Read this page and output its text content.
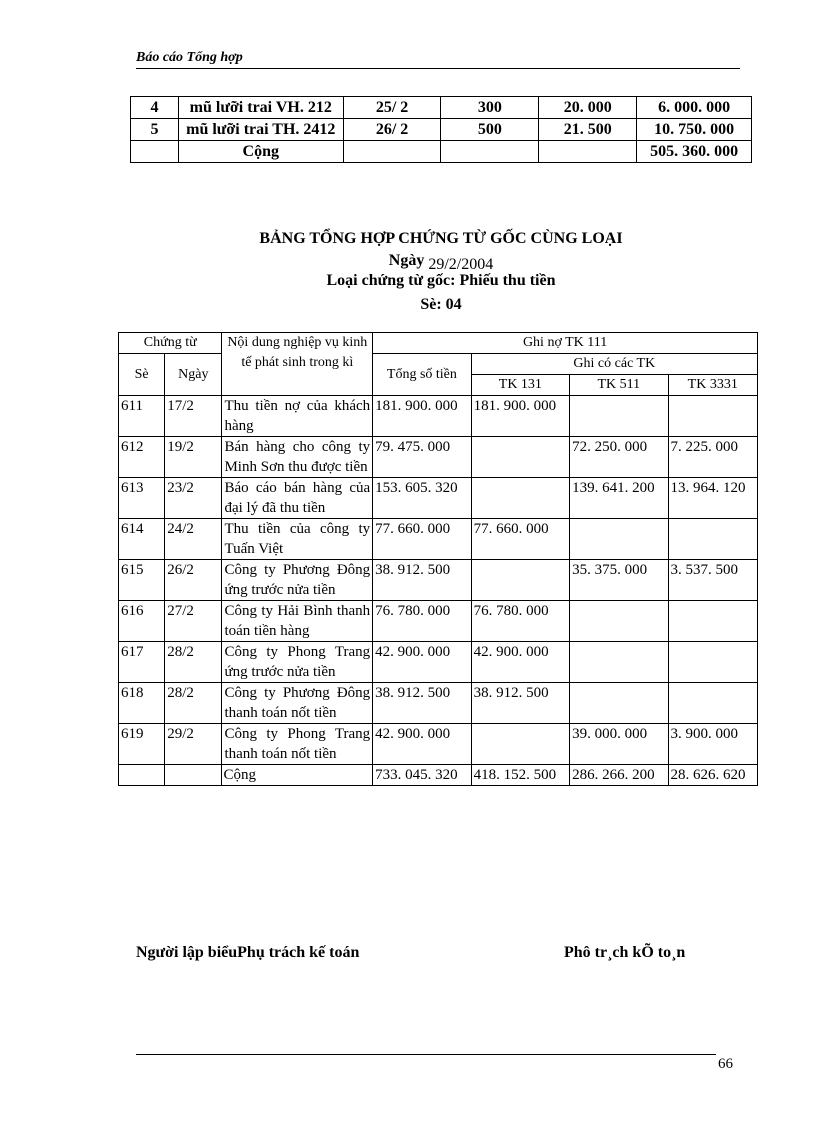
Báo cáo Tổng hợp
4	mũ lưỡi trai VH. 212	25/ 2	300	20. 000	6. 000. 000
5	mũ lưỡi trai TH. 2412	26/ 2	500	21. 500	10. 750. 000
	Cộng				505. 360. 000
BẢNG TỔNG HỢP CHỨNG TỪ GỐC CÙNG LOẠI
Ngày 29/2/2004
Loại chứng từ gốc: Phiếu thu tiền
Sè: 04
Chứng từ		Nội dung nghiệp vụ kinh tế phát sinh trong kì	Ghi nợ TK 111			
Sè	Ngày		Tổng số tiền	Ghi có các TK		
				TK 131	TK 511	TK 3331
611	17/2	Thu tiền nợ của khách hàng	181. 900. 000	181. 900. 000		
612	19/2	Bán hàng cho công ty Minh Sơn thu được tiền	79. 475. 000		72. 250. 000	7. 225. 000
613	23/2	Báo cáo bán hàng của đại lý đã thu tiền	153. 605. 320		139. 641. 200	13. 964. 120
614	24/2	Thu tiền của công ty Tuấn Việt	77. 660. 000	77. 660. 000		
615	26/2	Công ty Phương Đông ứng trước nửa tiền	38. 912. 500		35. 375. 000	3. 537. 500
616	27/2	Công ty Hải Bình thanh toán tiền hàng	76. 780. 000	76. 780. 000		
617	28/2	Công ty Phong Trang ứng trước nửa tiền	42. 900. 000	42. 900. 000		
618	28/2	Công ty Phương Đông thanh toán nốt tiền	38. 912. 500	38. 912. 500		
619	29/2	Công ty Phong Trang thanh toán nốt tiền	42. 900. 000		39. 000. 000	3. 900. 000
		Cộng	733. 045. 320	418. 152. 500	286. 266. 200	28. 626. 620
Người lập biểuPhụ trách kế toán	Phô tr¸ch kÕ to¸n
66
